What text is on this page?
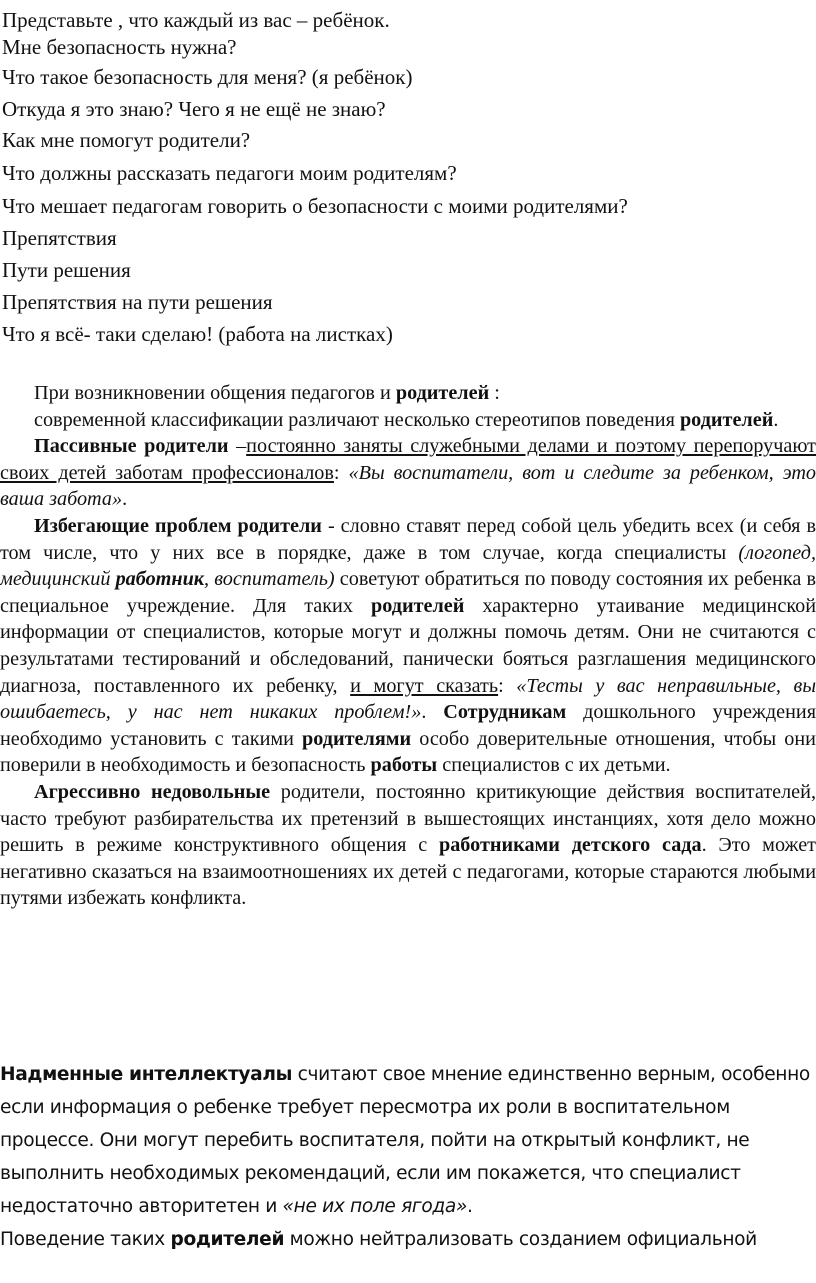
Представьте , что каждый из вас – ребёнок.
Мне безопасность нужна?
Что такое безопасность для меня? (я ребёнок)
Откуда я это знаю? Чего я не ещё не знаю?
Как мне помогут родители?
Что должны рассказать педагоги моим родителям?
Что мешает педагогам говорить о безопасности с моими родителями?
Препятствия
Пути решения
Препятствия на пути решения
Что я всё- таки сделаю! (работа на листках)

При возникновении общения педагогов и родителей :

современной классификации различают несколько стереотипов поведения родителей.

Пассивные родители –постоянно заняты служебными делами и поэтому перепоручают своих детей заботам профессионалов: «Вы воспитатели, вот и следите за ребенком, это ваша забота».

Избегающие проблем родители - словно ставят перед собой цель убедить всех (и себя в том числе, что у них все в порядке, даже в том случае, когда специалисты (логопед, медицинский работник, воспитатель) советуют обратиться по поводу состояния их ребенка в специальное учреждение. Для таких родителей характерно утаивание медицинской информации от специалистов, которые могут и должны помочь детям. Они не считаются с результатами тестирований и обследований, панически бояться разглашения медицинского диагноза, поставленного их ребенку, и могут сказать: «Тесты у вас неправильные, вы ошибаетесь, у нас нет никаких проблем!». Сотрудникам дошкольного учреждения необходимо установить с такими родителями особо доверительные отношения, чтобы они поверили в необходимость и безопасность работы специалистов с их детьми.

Агрессивно недовольные родители, постоянно критикующие действия воспитателей, часто требуют разбирательства их претензий в вышестоящих инстанциях, хотя дело можно решить в режиме конструктивного общения с работниками детского сада. Это может негативно сказаться на взаимоотношениях их детей с педагогами, которые стараются любыми путями избежать конфликта.

Надменные интеллектуалы считают свое мнение единственно верным, особенно если информация о ребенке требует пересмотра их роли в воспитательном процессе. Они могут перебить воспитателя, пойти на открытый конфликт, не выполнить необходимых рекомендаций, если им покажется, что специалист недостаточно авторитетен и «не их поле ягода».

Поведение таких родителей можно нейтрализовать созданием официальной
